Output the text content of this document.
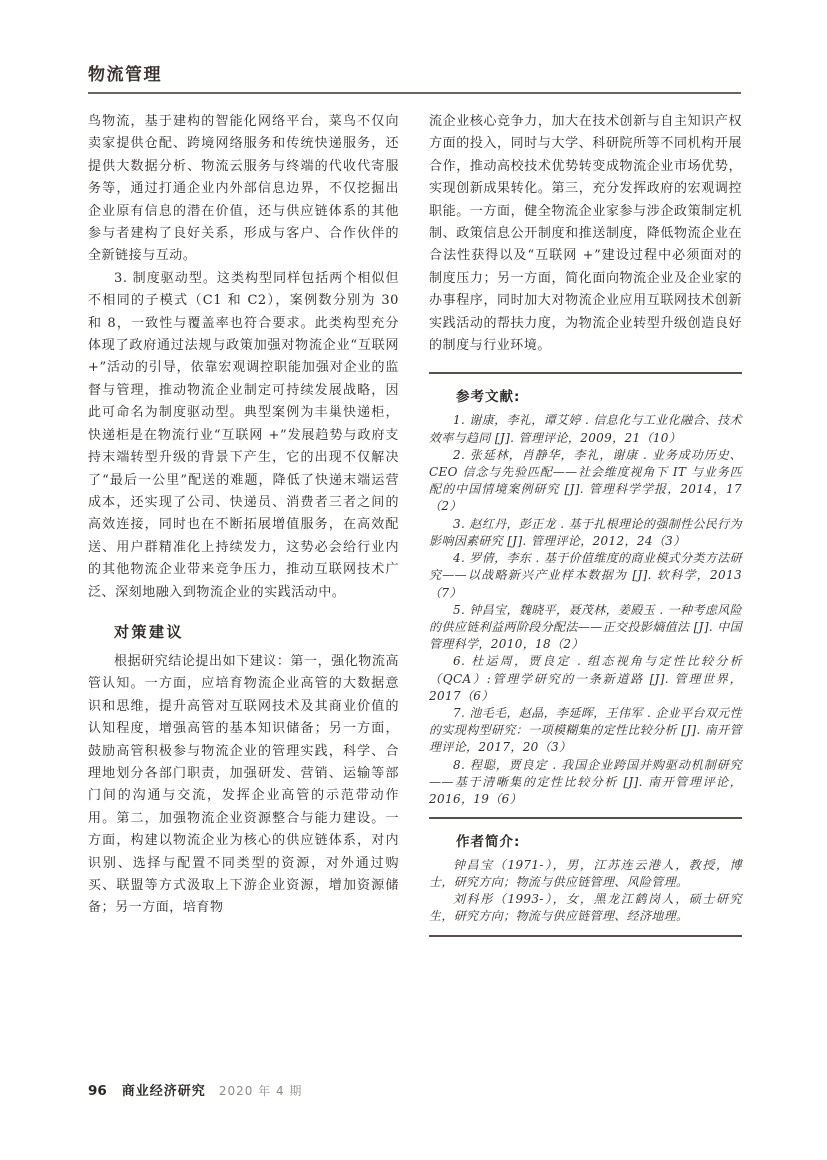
物流管理

鸟物流，基于建构的智能化网络平台，菜鸟不仅向卖家提供仓配、跨境网络服务和传统快递服务，还提供大数据分析、物流云服务与终端的代收代寄服务等，通过打通企业内外部信息边界，不仅挖掘出企业原有信息的潜在价值，还与供应链体系的其他参与者建构了良好关系，形成与客户、合作伙伴的全新链接与互动。

3. 制度驱动型。这类构型同样包括两个相似但不相同的子模式（C1 和 C2），案例数分别为 30 和 8，一致性与覆盖率也符合要求。此类构型充分体现了政府通过法规与政策加强对物流企业“互联网 +”活动的引导，依靠宏观调控职能加强对企业的监督与管理，推动物流企业制定可持续发展战略，因此可命名为制度驱动型。典型案例为丰巢快递柜，快递柜是在物流行业“互联网 +”发展趋势与政府支持末端转型升级的背景下产生，它的出现不仅解决了“最后一公里”配送的难题，降低了快递末端运营成本，还实现了公司、快递员、消费者三者之间的高效连接，同时也在不断拓展增值服务，在高效配送、用户群精准化上持续发力，这势必会给行业内的其他物流企业带来竞争压力，推动互联网技术广泛、深刻地融入到物流企业的实践活动中。

对策建议

根据研究结论提出如下建议：第一，强化物流高管认知。一方面，应培育物流企业高管的大数据意识和思维，提升高管对互联网技术及其商业价值的认知程度，增强高管的基本知识储备；另一方面，鼓励高管积极参与物流企业的管理实践，科学、合理地划分各部门职责，加强研发、营销、运输等部门间的沟通与交流，发挥企业高管的示范带动作用。第二，加强物流企业资源整合与能力建设。一方面，构建以物流企业为核心的供应链体系，对内识别、选择与配置不同类型的资源，对外通过购买、联盟等方式汲取上下游企业资源，增加资源储备；另一方面，培育物

流企业核心竞争力，加大在技术创新与自主知识产权方面的投入，同时与大学、科研院所等不同机构开展合作，推动高校技术优势转变成物流企业市场优势，实现创新成果转化。第三，充分发挥政府的宏观调控职能。一方面，健全物流企业家参与涉企政策制定机制、政策信息公开制度和推送制度，降低物流企业在合法性获得以及“互联网 +”建设过程中必须面对的制度压力；另一方面，简化面向物流企业及企业家的办事程序，同时加大对物流企业应用互联网技术创新实践活动的帮扶力度，为物流企业转型升级创造良好的制度与行业环境。

参考文献:

1. 谢康，李礼，谭艾婷 . 信息化与工业化融合、技术效率与趋同 [J]. 管理评论，2009，21（10）

2. 张延林，肖静华，李礼，谢康 . 业务成功历史、CEO 信念与先验匹配——社会维度视角下 IT 与业务匹配的中国情境案例研究 [J]. 管理科学学报，2014，17（2）

3. 赵红丹，彭正龙 . 基于扎根理论的强制性公民行为影响因素研究 [J]. 管理评论，2012，24（3）

4. 罗倩，李东 . 基于价值维度的商业模式分类方法研究——以战略新兴产业样本数据为 [J]. 软科学，2013（7）

5. 钟昌宝，魏晓平，聂茂林，姜殿玉 . 一种考虑风险的供应链利益两阶段分配法——正交投影熵值法 [J]. 中国管理科学，2010，18（2）

6. 杜运周，贾良定 . 组态视角与定性比较分析（QCA）:管理学研究的一条新道路 [J]. 管理世界，2017（6）

7. 池毛毛，赵晶，李延晖，王伟军 . 企业平台双元性的实现构型研究：一项模糊集的定性比较分析 [J]. 南开管理评论，2017，20（3）

8. 程聪，贾良定 . 我国企业跨国并购驱动机制研究——基于清晰集的定性比较分析 [J]. 南开管理评论，2016，19（6）

作者简介:

钟昌宝（1971-），男，江苏连云港人，教授，博士，研究方向；物流与供应链管理、风险管理。

刘科彤（1993-），女，黑龙江鹤岗人，硕士研究生，研究方向；物流与供应链管理、经济地理。

96 商业经济研究 2020 年 4 期
